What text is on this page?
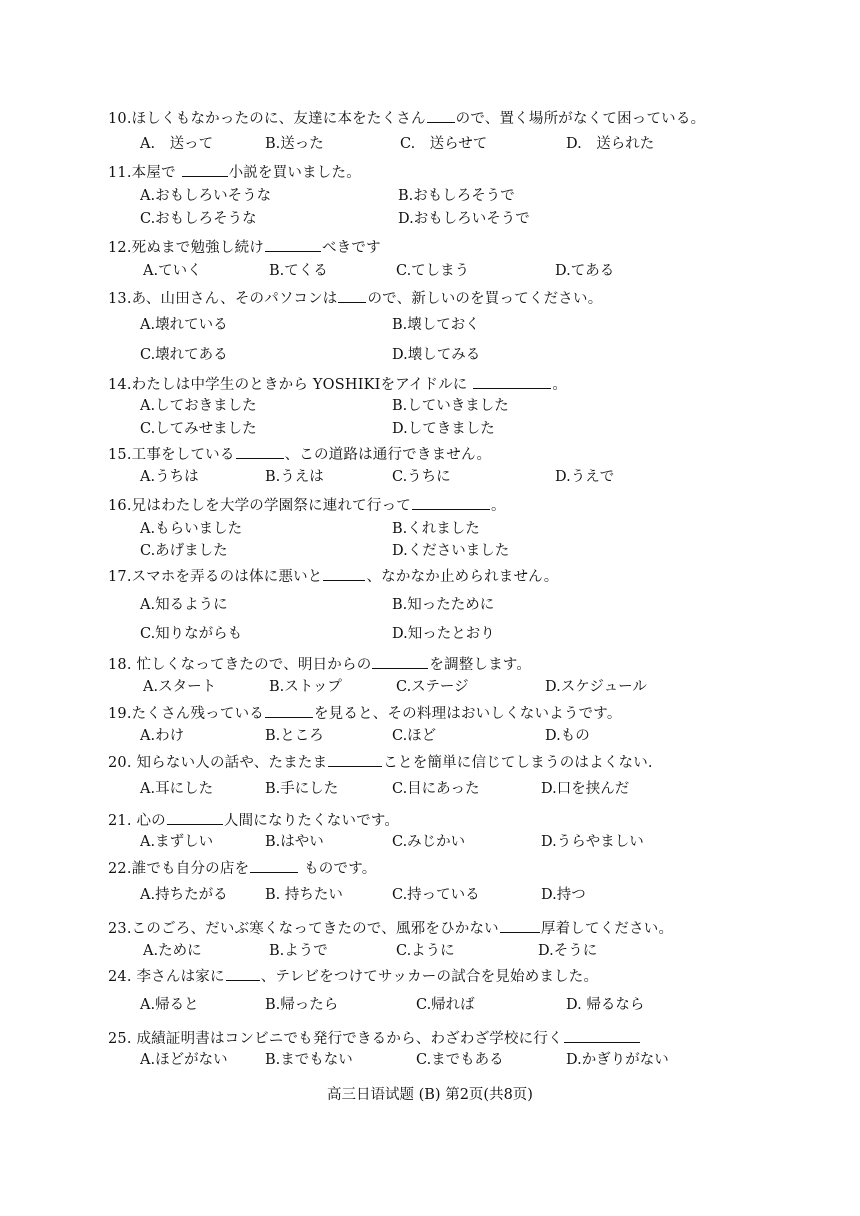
10.ほしくもなかったのに、友達に本をたくさん ので、置く場所がなくて困っている。
A.　送って	B.送った	C.　送らせて	D.　送られた
11.本屋で	小説を買いました。
A.おもしろいそうな	B.おもしろそうで
C.おもしろそうな	D.おもしろいそうで
12.死ぬまで勉強し続け	べきです
A.ていく	B.てくる	C.てしまう	D.てある
13.あ、山田さん、そのパソコンは ので、新しいのを買ってください。
A.壊れている	B.壊しておく
C.壊れてある	D.壊してみる
14.わたしは中学生のときから YOSHIKIをアイドルに	。
A.しておきました	B.していきました
C.してみせました	D.してきました
15.工事をしている	、この道路は通行できません。
A.うちは	B.うえは	C.うちに	D.うえで
16.兄はわたしを大学の学園祭に連れて行って	。
A.もらいました	B.くれました
C.あげました	D.くださいました
17.スマホを弄るのは体に悪いと	、なかなか止められません。
A.知るように	B.知ったために
C.知りながらも	D.知ったとおり
18. 忙しくなってきたので、明日からの	を調整します。
A.スタート	B.ストップ	C.ステージ	D.スケジュール
19.たくさん残っている	を見ると、その料理はおいしくないようです。
A.わけ	B.ところ	C.ほど	D.もの
20. 知らない人の話や、たまたま	ことを簡単に信じてしまうのはよくない.
A.耳にした	B.手にした	C.目にあった	D.口を挟んだ
21. 心の	人間になりたくないです。
A.まずしい	B.はやい	C.みじかい	D.うらやましい
22.誰でも自分の店を	ものです。
A.持ちたがる	B. 持ちたい	C.持っている	D.持つ
23.このごろ、だいぶ寒くなってきたので、風邪をひかない	厚着してください。
A.ために	B.ようで	C.ように	D.そうに
24. 李さんは家に 、テレビをつけてサッカーの試合を見始めました。
A.帰ると	B.帰ったら	C.帰れば	D. 帰るなら
25. 成績証明書はコンビニでも発行できるから、わざわざ学校に行く
A.ほどがない	B.までもない	C.までもある	D.かぎりがない
高三日语试题 (B) 第2页(共8页)
